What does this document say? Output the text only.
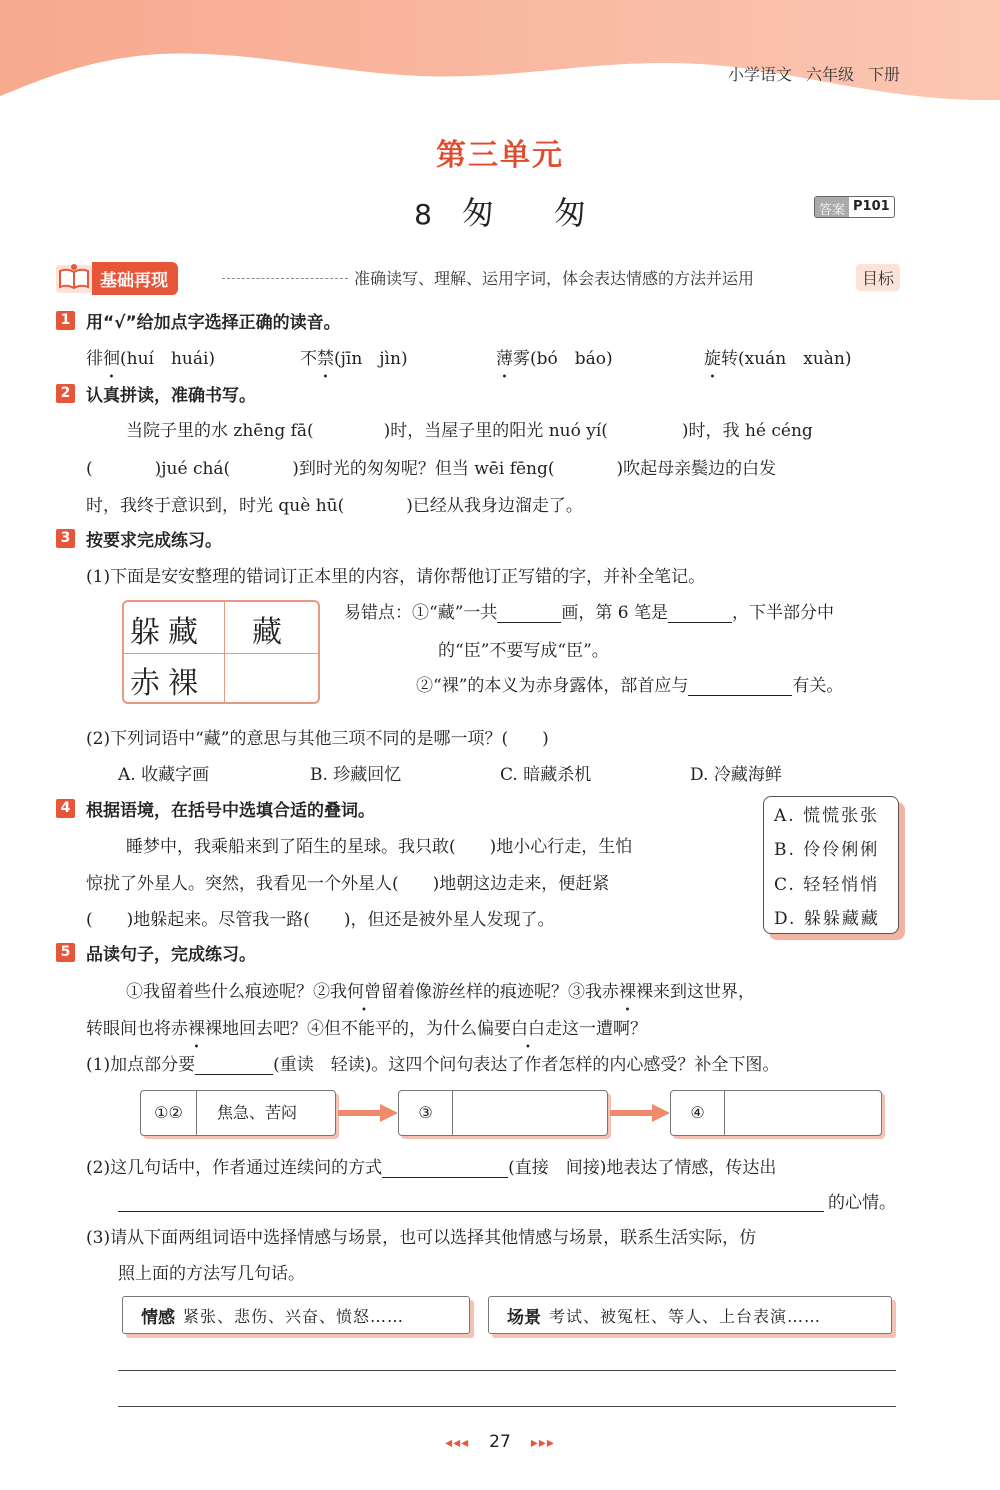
小学语文 六年级 下册
第三单元
8 匆 匆	答案 P101
基础再现	准确读写、理解、运用字词，体会表达情感的方法并运用	目标
1 用“√”给加点字选择正确的读音。
徘徊(huí　huái)	不禁(jīn　jìn)	薄雾(bó　báo)	旋转(xuán　xuàn)
2 认真拼读，准确书写。
当院子里的水 zhēng fā(	)时，当屋子里的阳光 nuó yí(	)时，我 hé céng
(	)jué chá(	)到时光的匆匆呢？但当 wēi fēng(	)吹起母亲鬓边的白发
时，我终于意识到，时光 què hū(	)已经从我身边溜走了。
3 按要求完成练习。
(1)下面是安安整理的错词订正本里的内容，请你帮他订正写错的字，并补全笔记。
躲藏 藏
赤裸
易错点：①“藏”一共	画，第 6 笔是	，下半部分中
的“臣”不要写成“臣”。
②“裸”的本义为赤身露体，部首应与	有关。
(2)下列词语中“藏”的意思与其他三项不同的是哪一项？(　　)
A. 收藏字画	B. 珍藏回忆	C. 暗藏杀机	D. 冷藏海鲜
4 根据语境，在括号中选填合适的叠词。
睡梦中，我乘船来到了陌生的星球。我只敢(　　)地小心行走，生怕
惊扰了外星人。突然，我看见一个外星人(　　)地朝这边走来，便赶紧
(　　)地躲起来。尽管我一路(　　)，但还是被外星人发现了。
A. 慌慌张张
B. 伶伶俐俐
C. 轻轻悄悄
D. 躲躲藏藏
5 品读句子，完成练习。
①我留着些什么痕迹呢？②我何曾留着像游丝样的痕迹呢？③我赤裸裸来到这世界，
转眼间也将赤裸裸地回去吧？④但不能平的，为什么偏要白白走这一遭啊？
(1)加点部分要	(重读　轻读)。这四个问句表达了作者怎样的内心感受？补全下图。
①②	焦急、苦闷	③	④
(2)这几句话中，作者通过连续问的方式	(直接　间接)地表达了情感，传达出
的心情。
(3)请从下面两组词语中选择情感与场景，也可以选择其他情感与场景，联系生活实际，仿
照上面的方法写几句话。
情感 紧张、悲伤、兴奋、愤怒……	场景 考试、被冤枉、等人、上台表演……
◂◂◂ 27 ▸▸▸
